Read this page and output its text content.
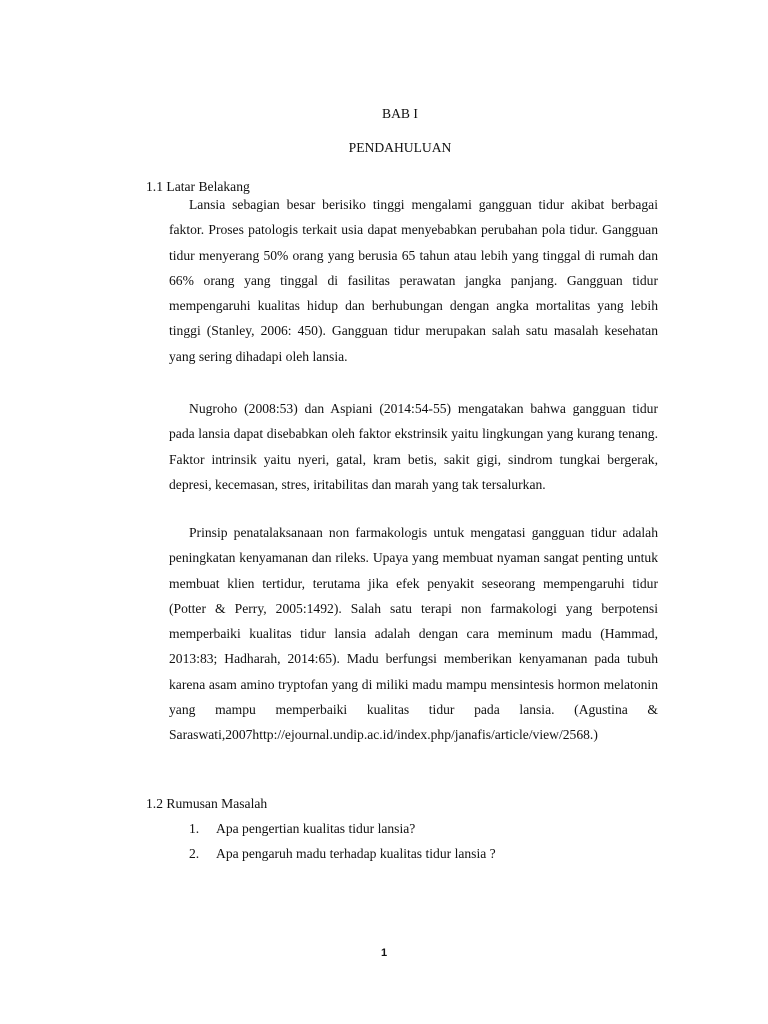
BAB I

PENDAHULUAN

1.1 Latar Belakang

Lansia sebagian besar berisiko tinggi mengalami gangguan tidur akibat berbagai faktor. Proses patologis terkait usia dapat menyebabkan perubahan pola tidur. Gangguan tidur menyerang 50% orang yang berusia 65 tahun atau lebih yang tinggal di rumah dan 66% orang yang tinggal di fasilitas perawatan jangka panjang. Gangguan tidur mempengaruhi kualitas hidup dan berhubungan dengan angka mortalitas yang lebih tinggi (Stanley, 2006: 450). Gangguan tidur merupakan salah satu masalah kesehatan yang sering dihadapi oleh lansia.

Nugroho (2008:53) dan Aspiani (2014:54-55) mengatakan bahwa gangguan tidur pada lansia dapat disebabkan oleh faktor ekstrinsik yaitu lingkungan yang kurang tenang. Faktor intrinsik yaitu nyeri, gatal, kram betis, sakit gigi, sindrom tungkai bergerak, depresi, kecemasan, stres, iritabilitas dan marah yang tak tersalurkan.

Prinsip penatalaksanaan non farmakologis untuk mengatasi gangguan tidur adalah peningkatan kenyamanan dan rileks. Upaya yang membuat nyaman sangat penting untuk membuat klien tertidur, terutama jika efek penyakit seseorang mempengaruhi tidur (Potter & Perry, 2005:1492). Salah satu terapi non farmakologi yang berpotensi memperbaiki kualitas tidur lansia adalah dengan cara meminum madu (Hammad, 2013:83; Hadharah, 2014:65). Madu berfungsi memberikan kenyamanan pada tubuh karena asam amino tryptofan yang di miliki madu mampu mensintesis hormon melatonin yang mampu memperbaiki kualitas tidur pada lansia. (Agustina & Saraswati,2007http://ejournal.undip.ac.id/index.php/janafis/article/view/2568.)

1.2 Rumusan Masalah

1.	Apa pengertian kualitas tidur lansia?
2.	Apa pengaruh madu terhadap kualitas tidur lansia ?
1
